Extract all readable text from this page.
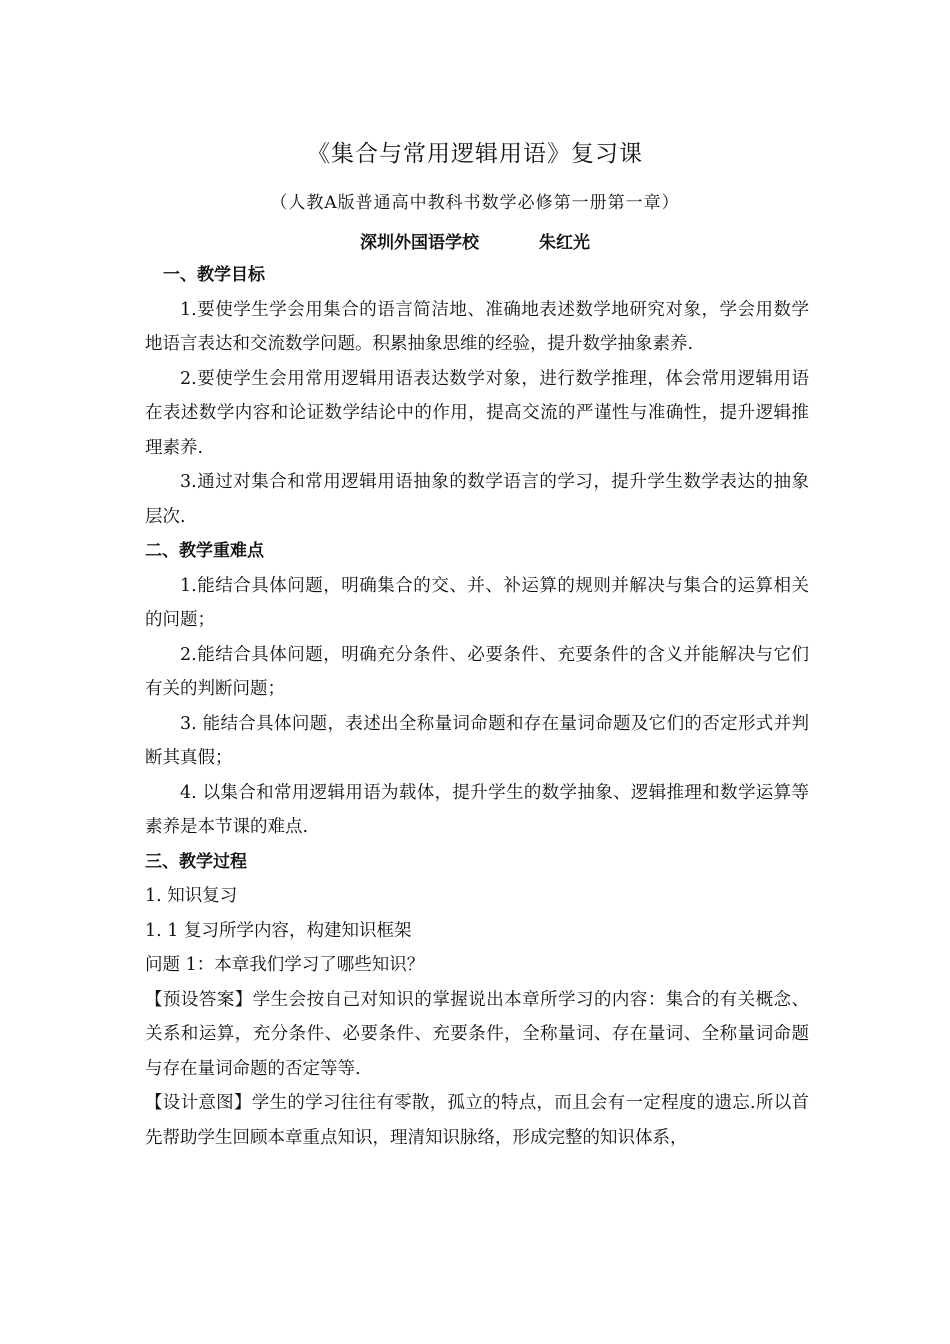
《集合与常用逻辑用语》复习课
（人教A版普通高中教科书数学必修第一册第一章）
深圳外国语学校	朱红光
一、教学目标
1.要使学生学会用集合的语言简洁地、准确地表述数学地研究对象，学会用数学地语言表达和交流数学问题。积累抽象思维的经验，提升数学抽象素养.
2.要使学生会用常用逻辑用语表达数学对象，进行数学推理，体会常用逻辑用语在表述数学内容和论证数学结论中的作用，提高交流的严谨性与准确性，提升逻辑推理素养.
3.通过对集合和常用逻辑用语抽象的数学语言的学习，提升学生数学表达的抽象层次.
二、教学重难点
1.能结合具体问题，明确集合的交、并、补运算的规则并解决与集合的运算相关的问题；
2.能结合具体问题，明确充分条件、必要条件、充要条件的含义并能解决与它们有关的判断问题；
3. 能结合具体问题，表述出全称量词命题和存在量词命题及它们的否定形式并判断其真假；
4. 以集合和常用逻辑用语为载体，提升学生的数学抽象、逻辑推理和数学运算等素养是本节课的难点.
三、教学过程
1. 知识复习
1. 1 复习所学内容，构建知识框架
问题 1：本章我们学习了哪些知识？
【预设答案】学生会按自己对知识的掌握说出本章所学习的内容：集合的有关概念、关系和运算，充分条件、必要条件、充要条件，全称量词、存在量词、全称量词命题与存在量词命题的否定等等.
【设计意图】学生的学习往往有零散，孤立的特点，而且会有一定程度的遗忘.所以首先帮助学生回顾本章重点知识，理清知识脉络，形成完整的知识体系，
